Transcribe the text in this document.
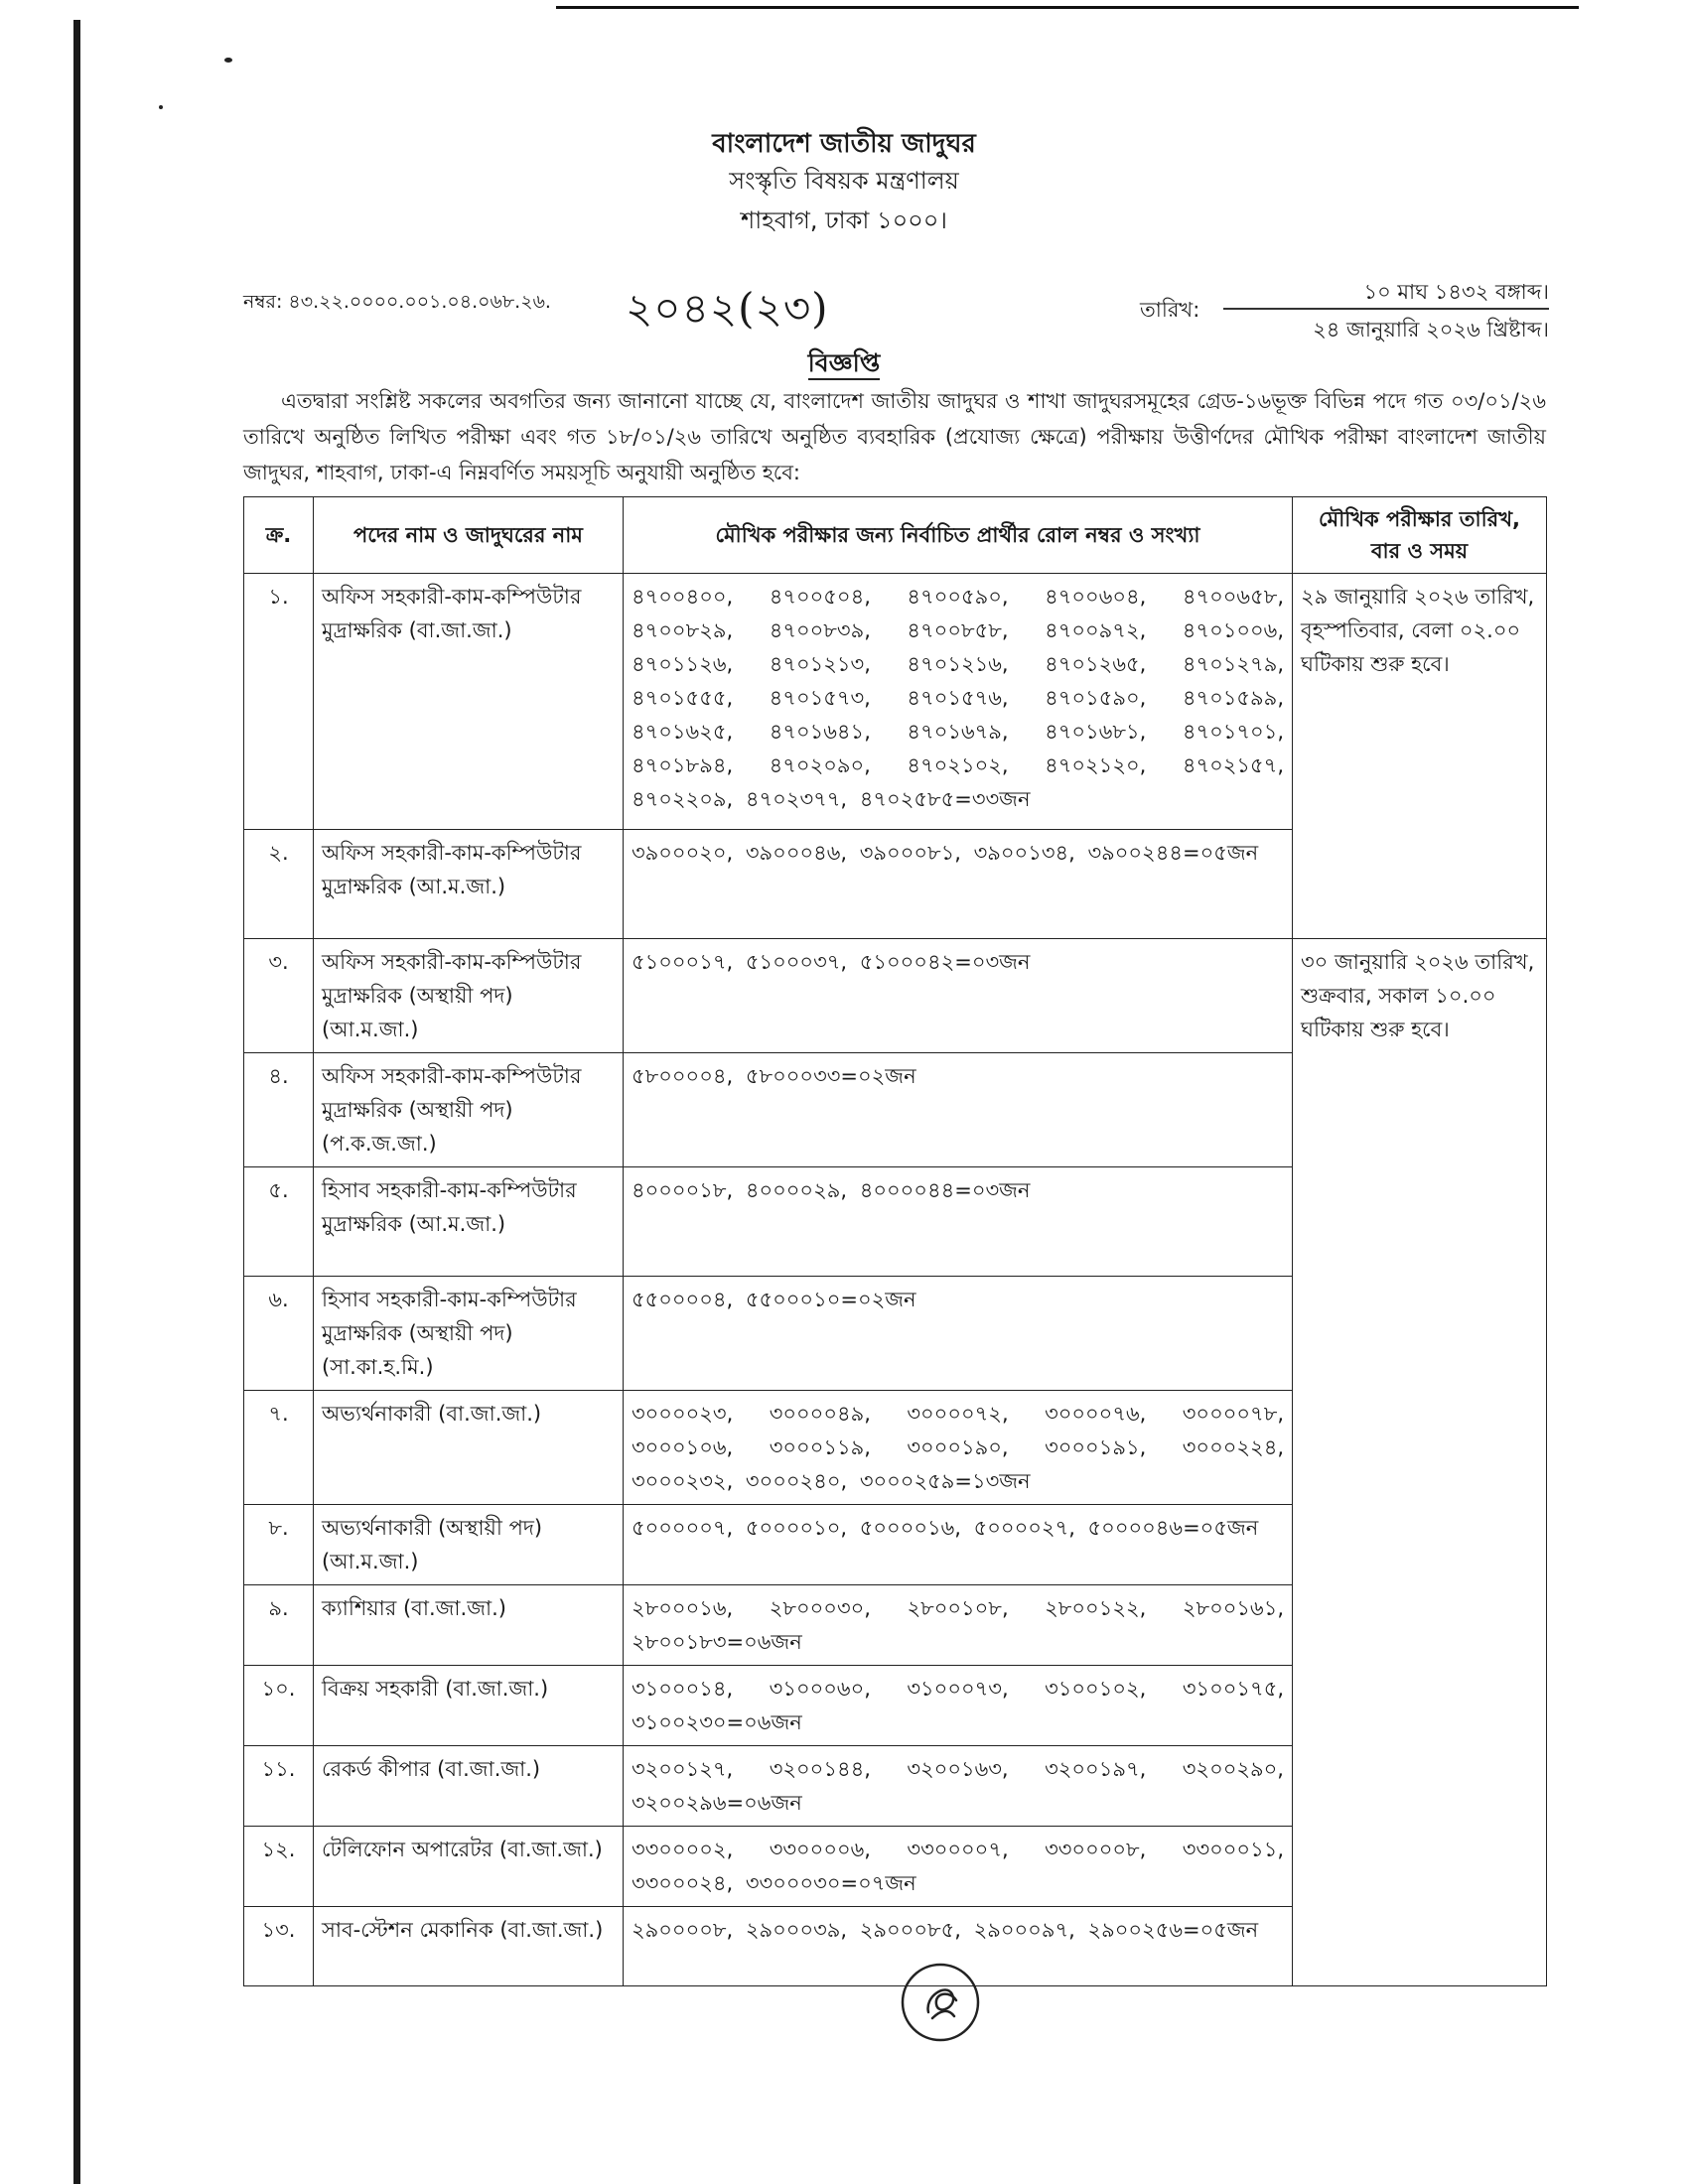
বাংলাদেশ জাতীয় জাদুঘর
সংস্কৃতি বিষয়ক মন্ত্রণালয়
শাহবাগ, ঢাকা ১০০০।
নম্বর: ৪৩.২২.০০০০.০০১.০৪.০৬৮.২৬. ২০৪২(২৩)	তারিখ:
১০ মাঘ ১৪৩২ বঙ্গাব্দ।
২৪ জানুয়ারি ২০২৬ খ্রিষ্টাব্দ।
বিজ্ঞপ্তি
এতদ্বারা সংশ্লিষ্ট সকলের অবগতির জন্য জানানো যাচ্ছে যে, বাংলাদেশ জাতীয় জাদুঘর ও শাখা জাদুঘরসমূহের গ্রেড-১৬ভূক্ত বিভিন্ন পদে গত ০৩/০১/২৬ তারিখে অনুষ্ঠিত লিখিত পরীক্ষা এবং গত ১৮/০১/২৬ তারিখে অনুষ্ঠিত ব্যবহারিক (প্রযোজ্য ক্ষেত্রে) পরীক্ষায় উত্তীর্ণদের মৌখিক পরীক্ষা বাংলাদেশ জাতীয় জাদুঘর, শাহবাগ, ঢাকা-এ নিম্নবর্ণিত সময়সূচি অনুযায়ী অনুষ্ঠিত হবে:
ক্র.	পদের নাম ও জাদুঘরের নাম	মৌখিক পরীক্ষার জন্য নির্বাচিত প্রার্থীর রোল নম্বর ও সংখ্যা	মৌখিক পরীক্ষার তারিখ, বার ও সময়
১.	অফিস সহকারী-কাম-কম্পিউটার মুদ্রাক্ষরিক (বা.জা.জা.)	৪৭০০৪০০, ৪৭০০৫০৪, ৪৭০০৫৯০, ৪৭০০৬০৪, ৪৭০০৬৫৮, ৪৭০০৮২৯, ৪৭০০৮৩৯, ৪৭০০৮৫৮, ৪৭০০৯৭২, ৪৭০১০০৬, ৪৭০১১২৬, ৪৭০১২১৩, ৪৭০১২১৬, ৪৭০১২৬৫, ৪৭০১২৭৯, ৪৭০১৫৫৫, ৪৭০১৫৭৩, ৪৭০১৫৭৬, ৪৭০১৫৯০, ৪৭০১৫৯৯, ৪৭০১৬২৫, ৪৭০১৬৪১, ৪৭০১৬৭৯, ৪৭০১৬৮১, ৪৭০১৭০১, ৪৭০১৮৯৪, ৪৭০২০৯০, ৪৭০২১০২, ৪৭০২১২০, ৪৭০২১৫৭, ৪৭০২২০৯, ৪৭০২৩৭৭, ৪৭০২৫৮৫=৩৩জন	২৯ জানুয়ারি ২০২৬ তারিখ, বৃহস্পতিবার, বেলা ০২.০০ ঘটিকায় শুরু হবে।
২.	অফিস সহকারী-কাম-কম্পিউটার মুদ্রাক্ষরিক (আ.ম.জা.)	৩৯০০০২০, ৩৯০০০৪৬, ৩৯০০০৮১, ৩৯০০১৩৪, ৩৯০০২৪৪=০৫জন	
৩.	অফিস সহকারী-কাম-কম্পিউটার মুদ্রাক্ষরিক (অস্থায়ী পদ) (আ.ম.জা.)	৫১০০০১৭, ৫১০০০৩৭, ৫১০০০৪২=০৩জন	৩০ জানুয়ারি ২০২৬ তারিখ, শুক্রবার, সকাল ১০.০০ ঘটিকায় শুরু হবে।
৪.	অফিস সহকারী-কাম-কম্পিউটার মুদ্রাক্ষরিক (অস্থায়ী পদ) (প.ক.জ.জা.)	৫৮০০০০৪, ৫৮০০০৩৩=০২জন	
৫.	হিসাব সহকারী-কাম-কম্পিউটার মুদ্রাক্ষরিক (আ.ম.জা.)	৪০০০০১৮, ৪০০০০২৯, ৪০০০০৪৪=০৩জন	
৬.	হিসাব সহকারী-কাম-কম্পিউটার মুদ্রাক্ষরিক (অস্থায়ী পদ) (সা.কা.হ.মি.)	৫৫০০০০৪, ৫৫০০০১০=০২জন	
৭.	অভ্যর্থনাকারী (বা.জা.জা.)	৩০০০০২৩, ৩০০০০৪৯, ৩০০০০৭২, ৩০০০০৭৬, ৩০০০০৭৮, ৩০০০১০৬, ৩০০০১১৯, ৩০০০১৯০, ৩০০০১৯১, ৩০০০২২৪, ৩০০০২৩২, ৩০০০২৪০, ৩০০০২৫৯=১৩জন	
৮.	অভ্যর্থনাকারী (অস্থায়ী পদ) (আ.ম.জা.)	৫০০০০০৭, ৫০০০০১০, ৫০০০০১৬, ৫০০০০২৭, ৫০০০০৪৬=০৫জন	
৯.	ক্যাশিয়ার (বা.জা.জা.)	২৮০০০১৬, ২৮০০০৩০, ২৮০০১০৮, ২৮০০১২২, ২৮০০১৬১, ২৮০০১৮৩=০৬জন	
১০.	বিক্রয় সহকারী (বা.জা.জা.)	৩১০০০১৪, ৩১০০০৬০, ৩১০০০৭৩, ৩১০০১০২, ৩১০০১৭৫, ৩১০০২৩০=০৬জন	
১১.	রেকর্ড কীপার (বা.জা.জা.)	৩২০০১২৭, ৩২০০১৪৪, ৩২০০১৬৩, ৩২০০১৯৭, ৩২০০২৯০, ৩২০০২৯৬=০৬জন	
১২.	টেলিফোন অপারেটর (বা.জা.জা.)	৩৩০০০০২, ৩৩০০০০৬, ৩৩০০০০৭, ৩৩০০০০৮, ৩৩০০০১১, ৩৩০০০২৪, ৩৩০০০৩০=০৭জন	
১৩.	সাব-স্টেশন মেকানিক (বা.জা.জা.)	২৯০০০০৮, ২৯০০০৩৯, ২৯০০০৮৫, ২৯০০০৯৭, ২৯০০২৫৬=০৫জন	
